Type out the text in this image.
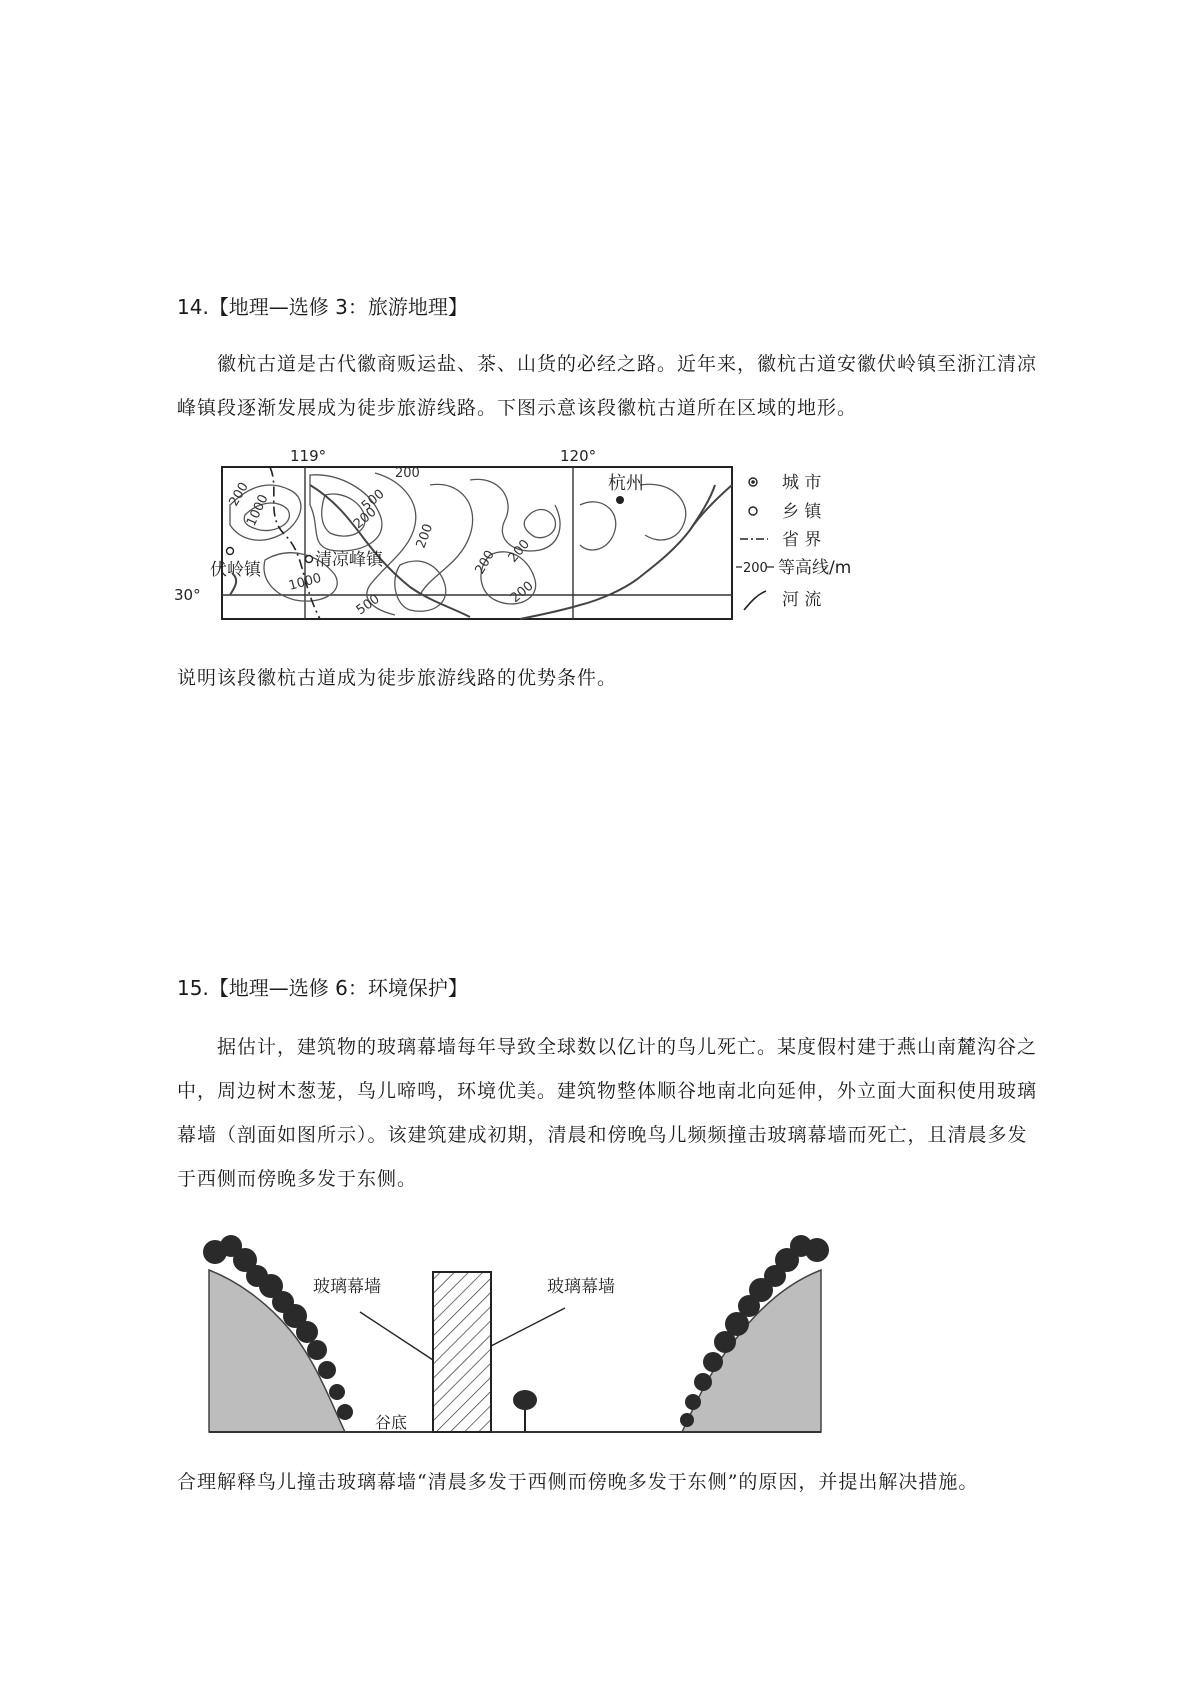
14.【地理—选修 3：旅游地理】

徽杭古道是古代徽商贩运盐、茶、山货的必经之路。近年来，徽杭古道安徽伏岭镇至浙江清凉峰镇段逐渐发展成为徒步旅游线路。下图示意该段徽杭古道所在区域的地形。

200
1000	500
200
200
200 200
1000
500	200
200
119°	120°
30°
伏岭镇	清凉峰镇
杭州	城 市
乡 镇
省 界
200 等高线/m
河 流

说明该段徽杭古道成为徒步旅游线路的优势条件。

15.【地理—选修 6：环境保护】

据估计，建筑物的玻璃幕墙每年导致全球数以亿计的鸟儿死亡。某度假村建于燕山南麓沟谷之中，周边树木葱茏，鸟儿啼鸣，环境优美。建筑物整体顺谷地南北向延伸，外立面大面积使用玻璃幕墙（剖面如图所示）。该建筑建成初期，清晨和傍晚鸟儿频频撞击玻璃幕墙而死亡，且清晨多发于西侧而傍晚多发于东侧。

玻璃幕墙	玻璃幕墙
谷底

合理解释鸟儿撞击玻璃幕墙“清晨多发于西侧而傍晚多发于东侧”的原因，并提出解决措施。
